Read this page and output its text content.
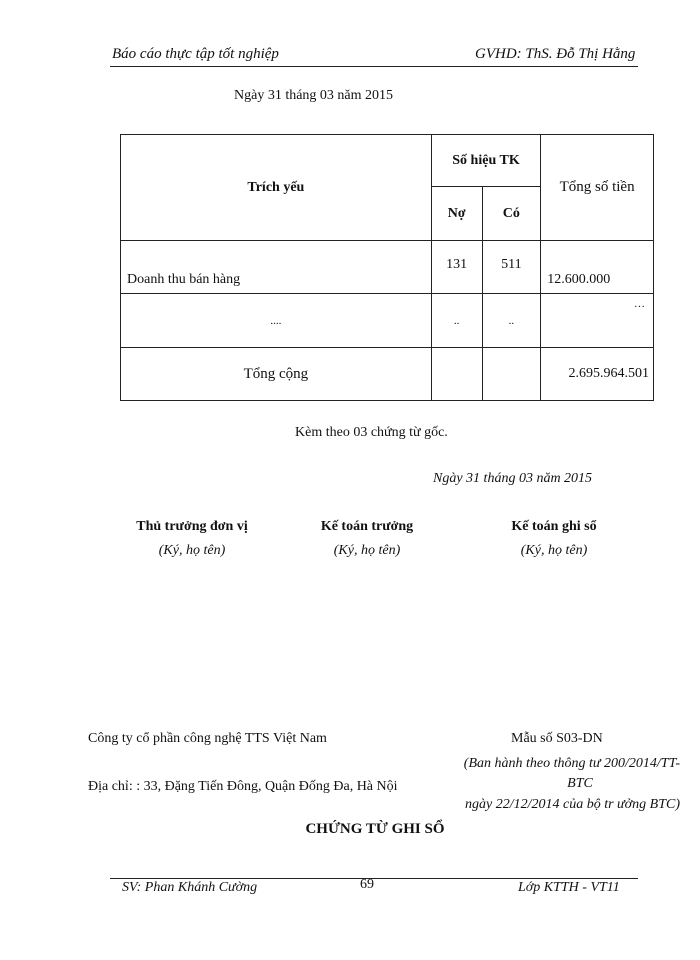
Báo cáo thực tập tốt nghiệp	GVHD: ThS. Đỗ Thị Hằng
Ngày 31 tháng 03 năm 2015
Trích yếu	Số hiệu TK		Tổng số tiền
	Nợ	Có	
Doanh thu bán hàng	131	511	12.600.000
....	..	..	…
Tổng cộng			2.695.964.501
Kèm theo 03 chứng từ gốc.
Ngày 31 tháng 03 năm 2015
Thủ trưởng đơn vị
(Ký, họ tên)
Kế toán trưởng
(Ký, họ tên)
Kế toán ghi sổ
(Ký, họ tên)
Công ty cổ phần công nghệ TTS Việt Nam	Mẫu số S03-DN
(Ban hành theo thông tư 200/2014/TT-
BTC
Địa chỉ: : 33, Đặng Tiến Đông, Quận Đống Đa, Hà Nội
ngày 22/12/2014 của bộ tr ưởng BTC)
CHỨNG TỪ GHI SỔ
SV: Phan Khánh Cường	69	Lớp KTTH - VT11
